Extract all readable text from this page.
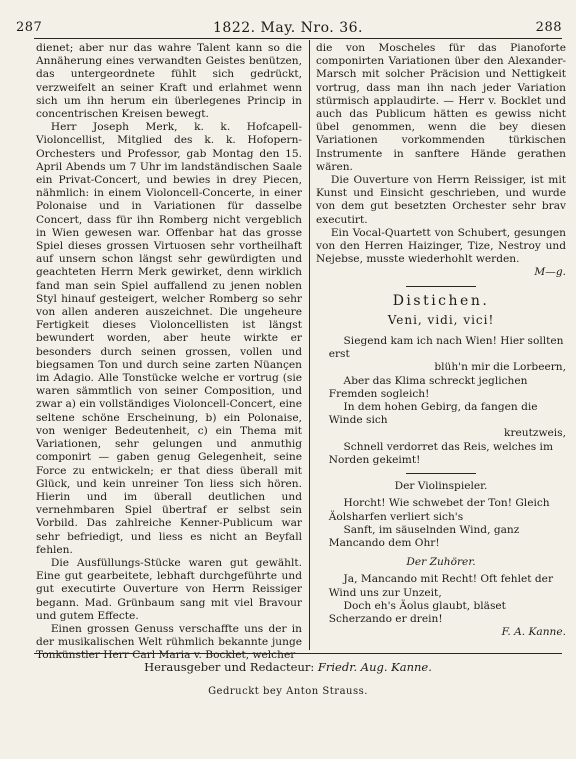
287	1822. May. Nro. 36.	288

dienet; aber nur das wahre Talent kann so die Annäherung eines verwandten Geistes benützen, das untergeordnete fühlt sich gedrückt, verzweifelt an seiner Kraft und erlahmet wenn sich um ihn herum ein überlegenes Princip in concentrischen Kreisen bewegt.

Herr Joseph Merk, k. k. Hofcapell-Violoncellist, Mitglied des k. k. Hofopern-Orchesters und Professor, gab Montag den 15. April Abends um 7 Uhr im landständischen Saale ein Privat-Concert, und bewies in drey Piecen, nähmlich: in einem Violoncell-Concerte, in einer Polonaise und in Variationen für dasselbe Concert, dass für ihn Romberg nicht vergeblich in Wien gewesen war. Offenbar hat das grosse Spiel dieses grossen Virtuosen sehr vortheilhaft auf unsern schon längst sehr gewürdigten und geachteten Herrn Merk gewirket, denn wirklich fand man sein Spiel auffallend zu jenen noblen Styl hinauf gesteigert, welcher Romberg so sehr von allen anderen auszeichnet. Die ungeheure Fertigkeit dieses Violoncellisten ist längst bewundert worden, aber heute wirkte er besonders durch seinen grossen, vollen und biegsamen Ton und durch seine zarten Nüançen im Adagio. Alle Tonstücke welche er vortrug (sie waren sämmtlich von seiner Composition, und zwar a) ein vollständiges Violoncell-Concert, eine seltene schöne Erscheinung, b) ein Polonaise, von weniger Bedeutenheit, c) ein Thema mit Variationen, sehr gelungen und anmuthig componirt — gaben genug Gelegenheit, seine Force zu entwickeln; er that diess überall mit Glück, und kein unreiner Ton liess sich hören. Hierin und im überall deutlichen und vernehmbaren Spiel übertraf er selbst sein Vorbild. Das zahlreiche Kenner-Publicum war sehr befriedigt, und liess es nicht an Beyfall fehlen.

Die Ausfüllungs-Stücke waren gut gewählt. Eine gut gearbeitete, lebhaft durchgeführte und gut executirte Ouverture von Herrn Reissiger begann. Mad. Grünbaum sang mit viel Bravour und gutem Effecte.

Einen grossen Genuss verschaffte uns der in der musikalischen Welt rühmlich bekannte junge Tonkünstler Herr Carl Maria v. Bocklet, welcher

die von Moscheles für das Pianoforte componirten Variationen über den Alexander-Marsch mit solcher Präcision und Nettigkeit vortrug, dass man ihn nach jeder Variation stürmisch applaudirte. — Herr v. Bocklet und auch das Publicum hätten es gewiss nicht übel genommen, wenn die bey diesen Variationen vorkommenden türkischen Instrumente in sanftere Hände gerathen wären.

Die Ouverture von Herrn Reissiger, ist mit Kunst und Einsicht geschrieben, und wurde von dem gut besetzten Orchester sehr brav executirt.

Ein Vocal-Quartett von Schubert, gesungen von den Herren Haizinger, Tize, Nestroy und Nejebse, musste wiederhohlt werden.

M—g.

Distichen.
Veni, vidi, vici!

Siegend kam ich nach Wien! Hier sollten erst
blüh'n mir die Lorbeern,

Aber das Klima schreckt jeglichen Fremden sogleich!

In dem hohen Gebirg, da fangen die Winde sich
kreutzweis,

Schnell verdorret das Reis, welches im Norden gekeimt!

Der Violinspieler.

Horcht! Wie schwebet der Ton! Gleich Äolsharfen verliert sich's

Sanft, im säuselnden Wind, ganz Mancando dem Ohr!

Der Zuhörer.

Ja, Mancando mit Recht! Oft fehlet der Wind uns zur Unzeit,

Doch eh's Äolus glaubt, bläset Scherzando er drein!

F. A. Kanne.

Herausgeber und Redacteur: Friedr. Aug. Kanne.
Gedruckt bey Anton Strauss.
